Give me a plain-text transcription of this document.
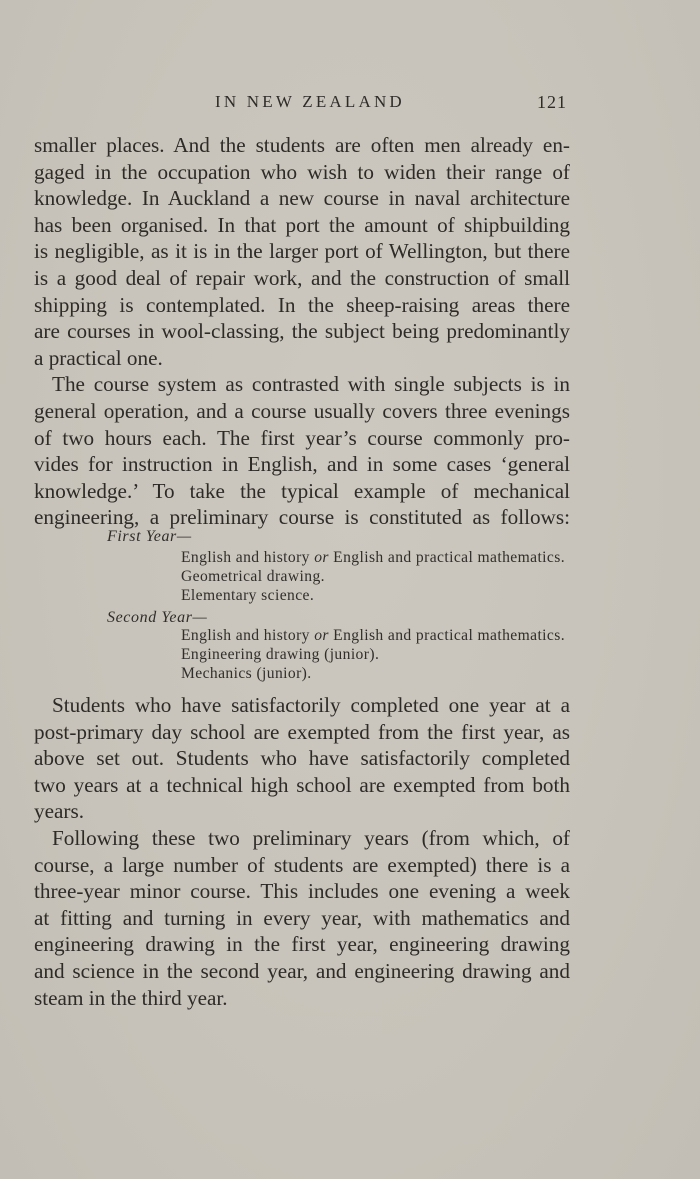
IN NEW ZEALAND	121
smaller places. And the students are often men already en-
gaged in the occupation who wish to widen their range of
knowledge. In Auckland a new course in naval architecture
has been organised. In that port the amount of shipbuilding
is negligible, as it is in the larger port of Wellington, but there
is a good deal of repair work, and the construction of small
shipping is contemplated. In the sheep-raising areas there
are courses in wool-classing, the subject being predominantly
a practical one.
The course system as contrasted with single subjects is in
general operation, and a course usually covers three evenings
of two hours each. The first year’s course commonly pro-
vides for instruction in English, and in some cases ‘general
knowledge.’ To take the typical example of mechanical
engineering, a preliminary course is constituted as follows:
First Year—
English and history or English and practical mathematics.
Geometrical drawing.
Elementary science.
Second Year—
English and history or English and practical mathematics.
Engineering drawing (junior).
Mechanics (junior).
Students who have satisfactorily completed one year at a
post-primary day school are exempted from the first year, as
above set out. Students who have satisfactorily completed
two years at a technical high school are exempted from both
years.
Following these two preliminary years (from which, of
course, a large number of students are exempted) there is a
three-year minor course. This includes one evening a week
at fitting and turning in every year, with mathematics and
engineering drawing in the first year, engineering drawing
and science in the second year, and engineering drawing and
steam in the third year.
